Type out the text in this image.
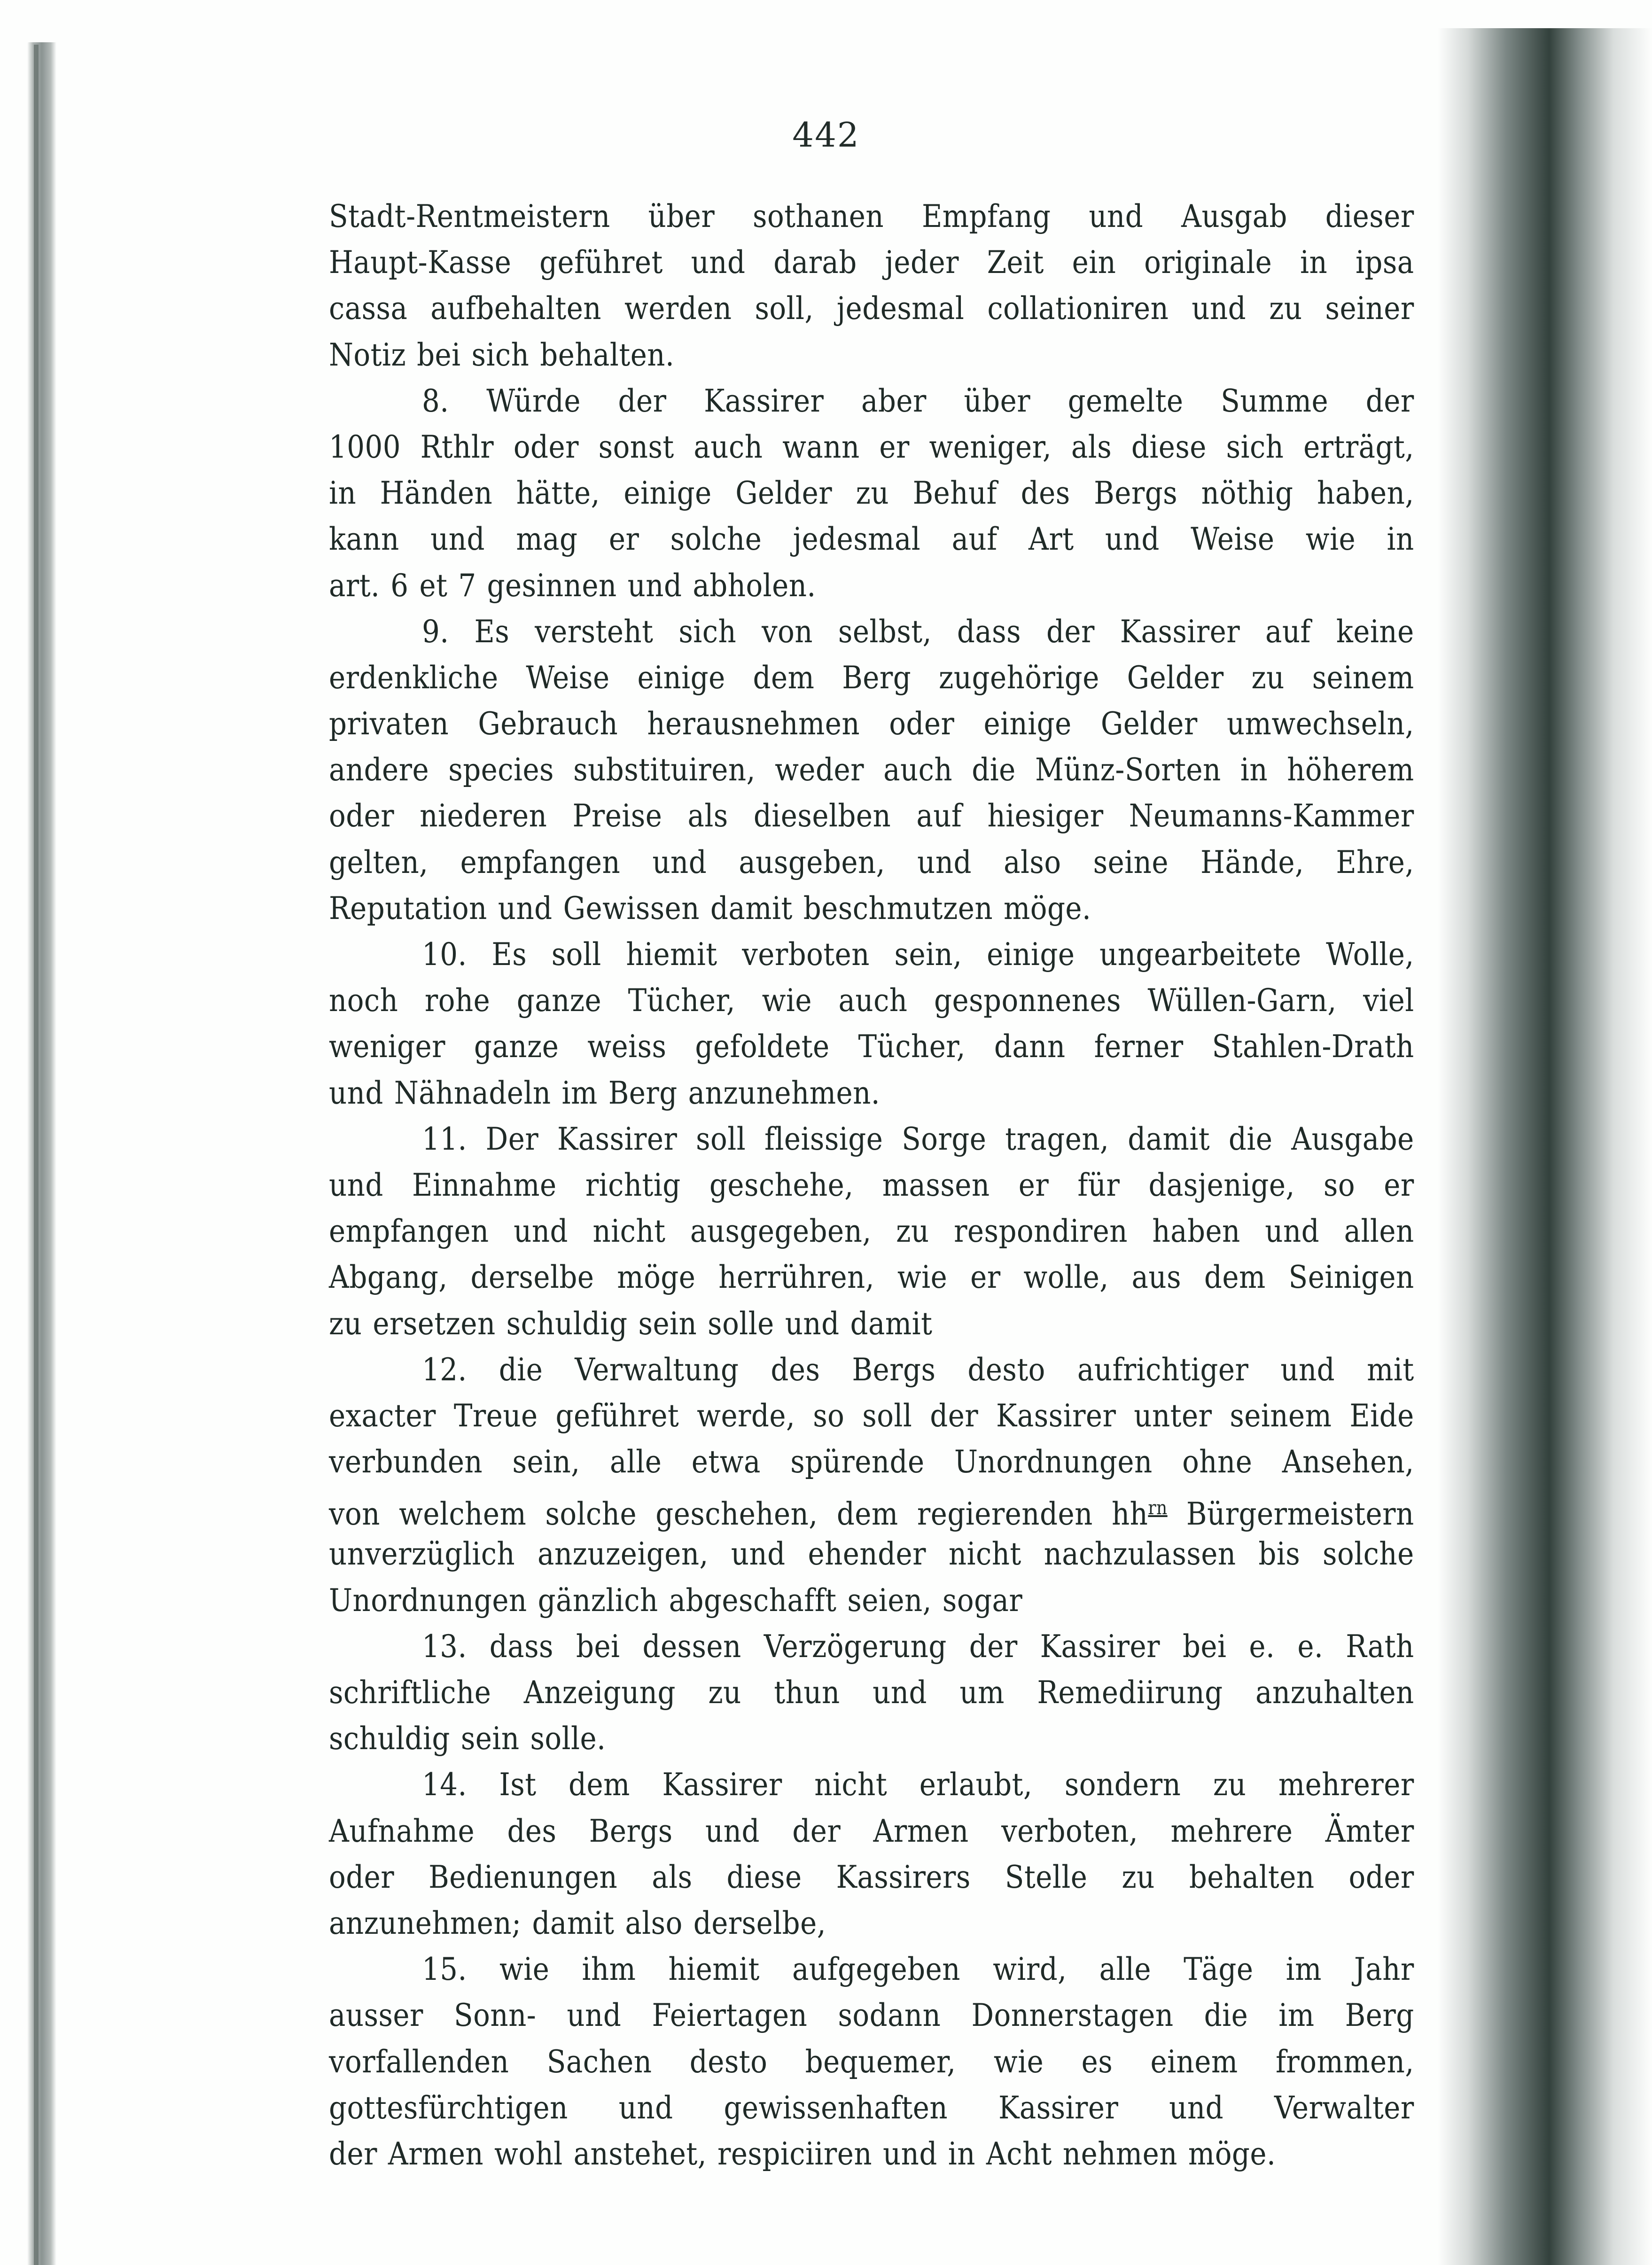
442
Stadt-Rentmeistern über sothanen Empfang und Ausgab dieser
Haupt-Kasse geführet und darab jeder Zeit ein originale in ipsa
cassa aufbehalten werden soll, jedesmal collationiren und zu seiner
Notiz bei sich behalten.
8. Würde der Kassirer aber über gemelte Summe der
1000 Rthlr oder sonst auch wann er weniger, als diese sich erträgt,
in Händen hätte, einige Gelder zu Behuf des Bergs nöthig haben,
kann und mag er solche jedesmal auf Art und Weise wie in
art. 6 et 7 gesinnen und abholen.
9. Es versteht sich von selbst, dass der Kassirer auf keine
erdenkliche Weise einige dem Berg zugehörige Gelder zu seinem
privaten Gebrauch herausnehmen oder einige Gelder umwechseln,
andere species substituiren, weder auch die Münz-Sorten in höherem
oder niederen Preise als dieselben auf hiesiger Neumanns-Kammer
gelten, empfangen und ausgeben, und also seine Hände, Ehre,
Reputation und Gewissen damit beschmutzen möge.
10. Es soll hiemit verboten sein, einige ungearbeitete Wolle,
noch rohe ganze Tücher, wie auch gesponnenes Wüllen-Garn, viel
weniger ganze weiss gefoldete Tücher, dann ferner Stahlen-Drath
und Nähnadeln im Berg anzunehmen.
11. Der Kassirer soll fleissige Sorge tragen, damit die Ausgabe
und Einnahme richtig geschehe, massen er für dasjenige, so er
empfangen und nicht ausgegeben, zu respondiren haben und allen
Abgang, derselbe möge herrühren, wie er wolle, aus dem Seinigen
zu ersetzen schuldig sein solle und damit
12. die Verwaltung des Bergs desto aufrichtiger und mit
exacter Treue geführet werde, so soll der Kassirer unter seinem Eide
verbunden sein, alle etwa spürende Unordnungen ohne Ansehen,
von welchem solche geschehen, dem regierenden $hh^{rn}$ Bürgermeistern
unverzüglich anzuzeigen, und ehender nicht nachzulassen bis solche
Unordnungen gänzlich abgeschafft seien, sogar
13. dass bei dessen Verzögerung der Kassirer bei e. e. Rath
schriftliche Anzeigung zu thun und um Remediirung anzuhalten
schuldig sein solle.
14. Ist dem Kassirer nicht erlaubt, sondern zu mehrerer
Aufnahme des Bergs und der Armen verboten, mehrere Ämter
oder Bedienungen als diese Kassirers Stelle zu behalten oder
anzunehmen; damit also derselbe,
15. wie ihm hiemit aufgegeben wird, alle Täge im Jahr
ausser Sonn- und Feiertagen sodann Donnerstagen die im Berg
vorfallenden Sachen desto bequemer, wie es einem frommen,
gottesfürchtigen und gewissenhaften Kassirer und Verwalter
der Armen wohl anstehet, respiciiren und in Acht nehmen möge.
